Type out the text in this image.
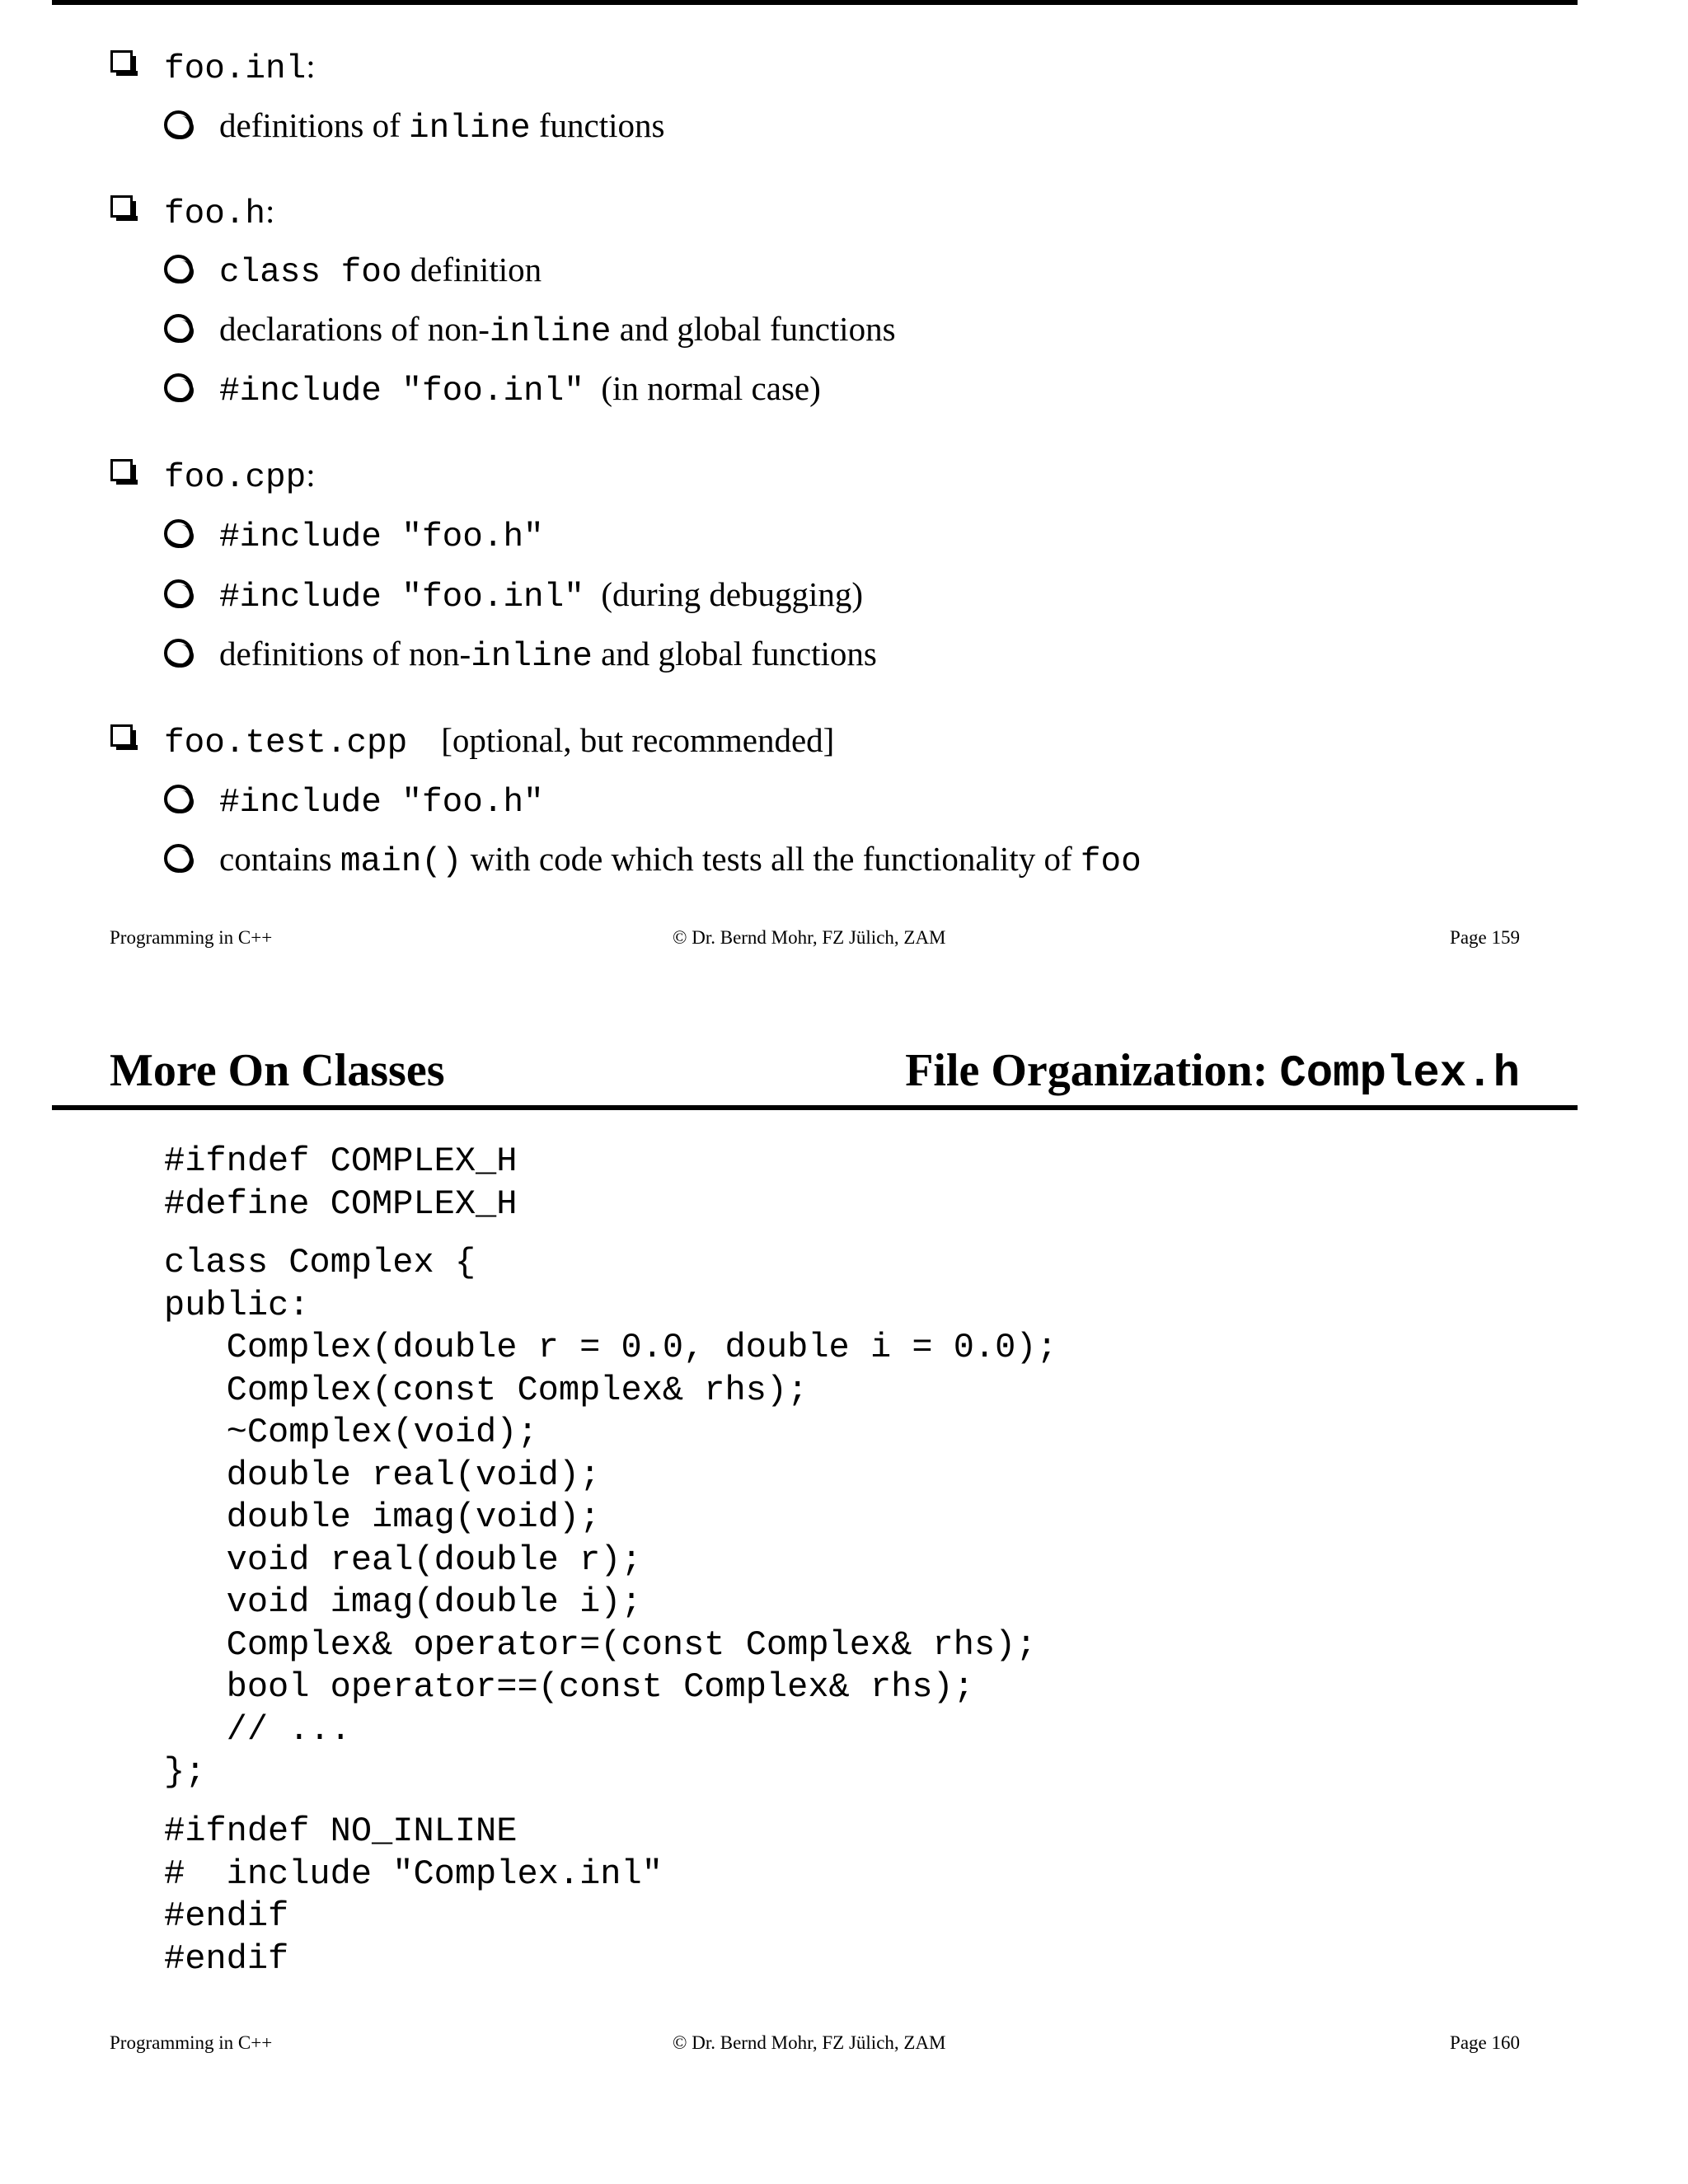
foo.inl:
definitions of inline functions
foo.h:
class foo definition
declarations of non-inline and global functions
#include "foo.inl"  (in normal case)
foo.cpp:
#include "foo.h"
#include "foo.inl"  (during debugging)
definitions of non-inline and global functions
foo.test.cpp    [optional, but recommended]
#include "foo.h"
contains main() with code which tests all the functionality of foo
Programming in C++	© Dr. Bernd Mohr, FZ Jülich, ZAM	Page 159
More On Classes	File Organization: Complex.h
#ifndef COMPLEX_H
#define COMPLEX_H
class Complex {
public:
Complex(double r = 0.0, double i = 0.0);
Complex(const Complex& rhs);
~Complex(void);
double real(void);
double imag(void);
void real(double r);
void imag(double i);
Complex& operator=(const Complex& rhs);
bool operator==(const Complex& rhs);
// ...
};
#ifndef NO_INLINE
#  include "Complex.inl"
#endif
#endif
Programming in C++	© Dr. Bernd Mohr, FZ Jülich, ZAM	Page 160
